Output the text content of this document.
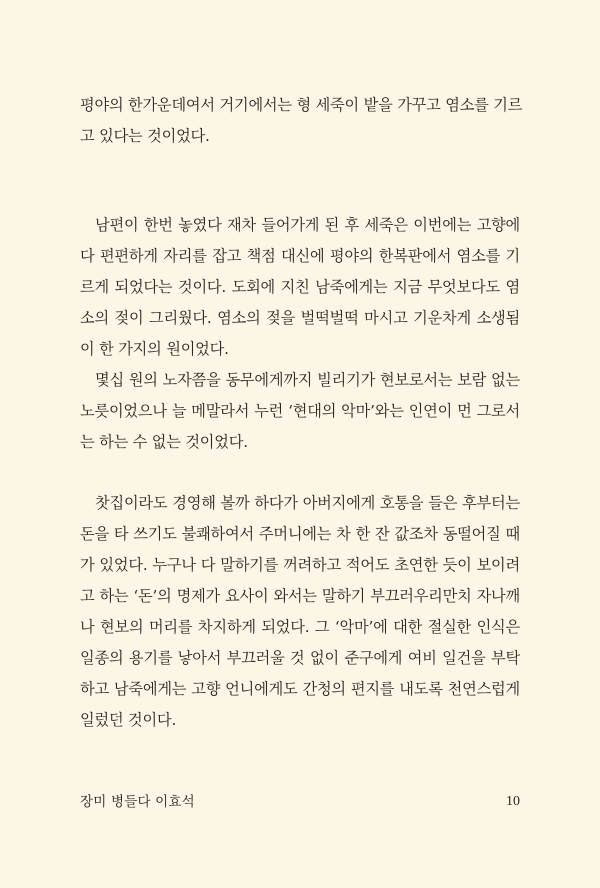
평야의 한가운데여서 거기에서는 형 세죽이 밭을 가꾸고 염소를 기르
고 있다는 것이었다.
남편이 한번 놓였다 재차 들어가게 된 후 세죽은 이번에는 고향에
다 편편하게 자리를 잡고 책점 대신에 평야의 한복판에서 염소를 기
르게 되었다는 것이다. 도회에 지친 남죽에게는 지금 무엇보다도 염
소의 젖이 그리웠다. 염소의 젖을 벌떡벌떡 마시고 기운차게 소생됨
이 한 가지의 원이었다.
몇십 원의 노자쯤을 동무에게까지 빌리기가 현보로서는 보람 없는
노릇이었으나 늘 메말라서 누런 ‘현대의 악마’와는 인연이 먼 그로서
는 하는 수 없는 것이었다.
찻집이라도 경영해 볼까 하다가 아버지에게 호통을 들은 후부터는
돈을 타 쓰기도 불쾌하여서 주머니에는 차 한 잔 값조차 동떨어질 때
가 있었다. 누구나 다 말하기를 꺼려하고 적어도 초연한 듯이 보이려
고 하는 ‘돈’의 명제가 요사이 와서는 말하기 부끄러우리만치 자나깨
나 현보의 머리를 차지하게 되었다. 그 ‘악마’에 대한 절실한 인식은
일종의 용기를 낳아서 부끄러울 것 없이 준구에게 여비 일건을 부탁
하고 남죽에게는 고향 언니에게도 간청의 편지를 내도록 천연스럽게
일렀던 것이다.
장미 병들다 이효석	10
